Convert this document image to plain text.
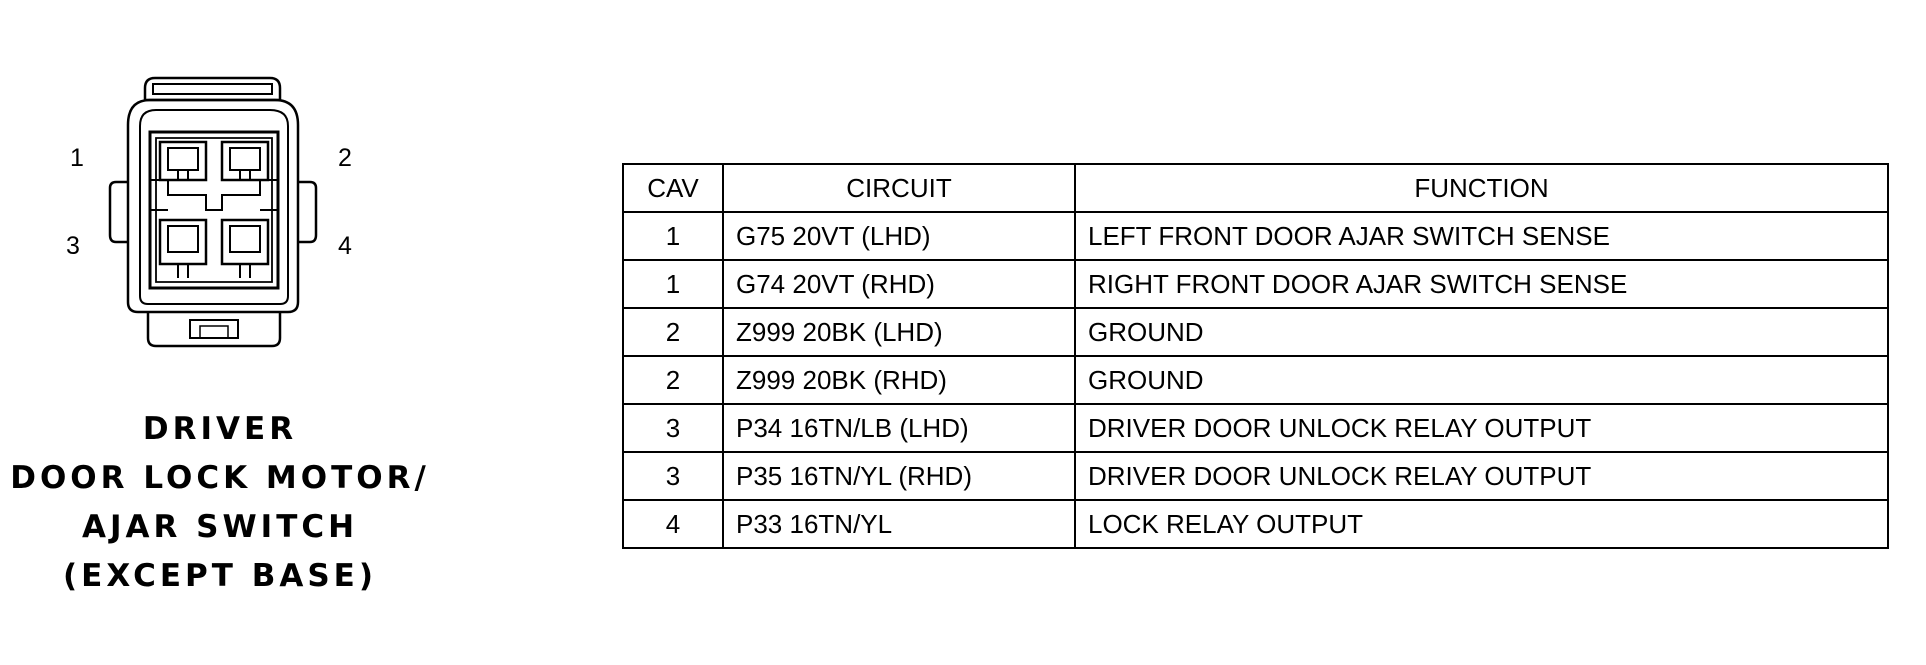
1	2
3	4
DRIVER
DOOR LOCK MOTOR/
AJAR SWITCH
(EXCEPT BASE)
CAV	CIRCUIT	FUNCTION
1	G75 20VT (LHD)	LEFT FRONT DOOR AJAR SWITCH SENSE
1	G74 20VT (RHD)	RIGHT FRONT DOOR AJAR SWITCH SENSE
2	Z999 20BK (LHD)	GROUND
2	Z999 20BK (RHD)	GROUND
3	P34 16TN/LB (LHD)	DRIVER DOOR UNLOCK RELAY OUTPUT
3	P35 16TN/YL (RHD)	DRIVER DOOR UNLOCK RELAY OUTPUT
4	P33 16TN/YL	LOCK RELAY OUTPUT
